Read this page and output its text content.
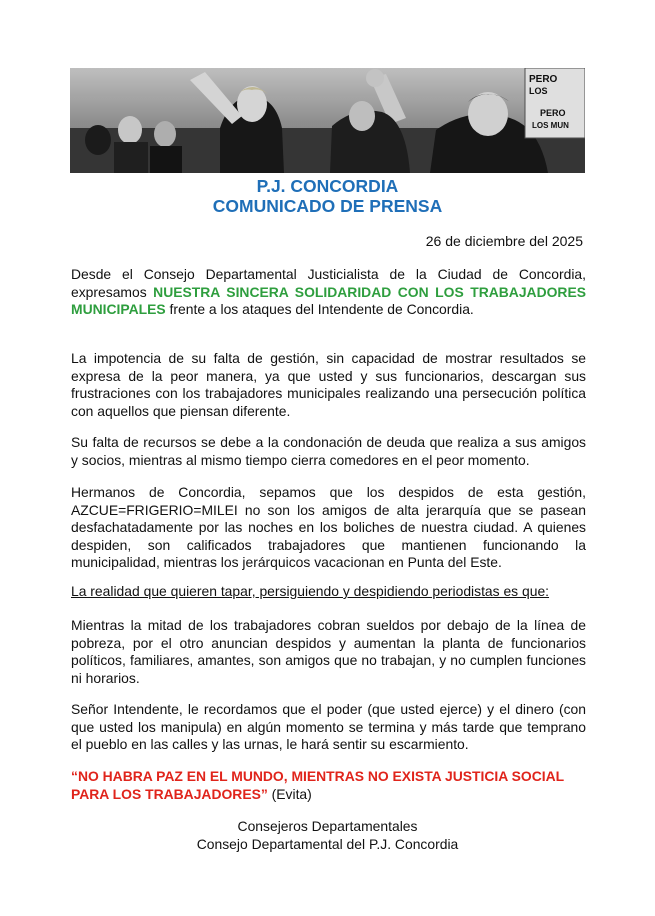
PERO
LOS
PERO
LOS MUN
P.J. CONCORDIA
COMUNICADO DE PRENSA
26 de diciembre del 2025
Desde el Consejo Departamental Justicialista de la Ciudad de Concordia, expresamos NUESTRA SINCERA SOLIDARIDAD CON LOS TRABAJADORES MUNICIPALES frente a los ataques del Intendente de Concordia.
La impotencia de su falta de gestión, sin capacidad de mostrar resultados se expresa de la peor manera, ya que usted y sus funcionarios, descargan sus frustraciones con los trabajadores municipales realizando una persecución política con aquellos que piensan diferente.
Su falta de recursos se debe a la condonación de deuda que realiza a sus amigos y socios, mientras al mismo tiempo cierra comedores en el peor momento.
Hermanos de Concordia, sepamos que los despidos de esta gestión, AZCUE=FRIGERIO=MILEI no son los amigos de alta jerarquía que se pasean desfachatadamente por las noches en los boliches de nuestra ciudad. A quienes despiden, son calificados trabajadores que mantienen funcionando la municipalidad, mientras los jerárquicos vacacionan en Punta del Este.
La realidad que quieren tapar, persiguiendo y despidiendo periodistas es que:
Mientras la mitad de los trabajadores cobran sueldos por debajo de la línea de pobreza, por el otro anuncian despidos y aumentan la planta de funcionarios políticos, familiares, amantes, son amigos que no trabajan, y no cumplen funciones ni horarios.
Señor Intendente, le recordamos que el poder (que usted ejerce) y el dinero (con que usted los manipula) en algún momento se termina y más tarde que temprano el pueblo en las calles y las urnas, le hará sentir su escarmiento.
“NO HABRA PAZ EN EL MUNDO, MIENTRAS NO EXISTA JUSTICIA SOCIAL PARA LOS TRABAJADORES” (Evita)
Consejeros Departamentales
Consejo Departamental del P.J. Concordia
